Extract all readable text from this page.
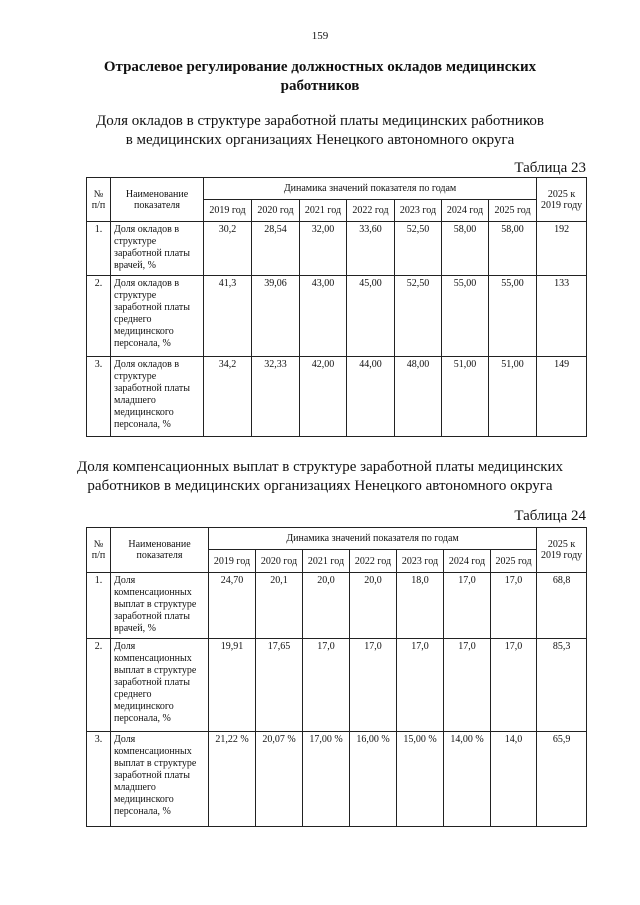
159
Отраслевое регулирование должностных окладов медицинских
работников
Доля окладов в структуре заработной платы медицинских работников
в медицинских организациях Ненецкого автономного округа
Таблица 23
№ п/п	Наименование показателя	Динамика значений показателя по годам							2025 к 2019 году
		2019 год	2020 год	2021 год	2022 год	2023 год	2024 год	2025 год	
1.	Доля окладов в структуре заработной платы врачей, %	30,2	28,54	32,00	33,60	52,50	58,00	58,00	192
2.	Доля окладов в структуре заработной платы среднего медицинского персонала, %	41,3	39,06	43,00	45,00	52,50	55,00	55,00	133
3.	Доля окладов в структуре заработной платы младшего медицинского персонала, %	34,2	32,33	42,00	44,00	48,00	51,00	51,00	149
Доля компенсационных выплат в структуре заработной платы медицинских
работников в медицинских организациях Ненецкого автономного округа
Таблица 24
№ п/п	Наименование показателя	Динамика значений показателя по годам							2025 к 2019 году
		2019 год	2020 год	2021 год	2022 год	2023 год	2024 год	2025 год	
1.	Доля компенсационных выплат в структуре заработной платы врачей, %	24,70	20,1	20,0	20,0	18,0	17,0	17,0	68,8
2.	Доля компенсационных выплат в структуре заработной платы среднего медицинского персонала, %	19,91	17,65	17,0	17,0	17,0	17,0	17,0	85,3
3.	Доля компенсационных выплат в структуре заработной платы младшего медицинского персонала, %	21,22 %	20,07 %	17,00 %	16,00 %	15,00 %	14,00 %	14,0	65,9
